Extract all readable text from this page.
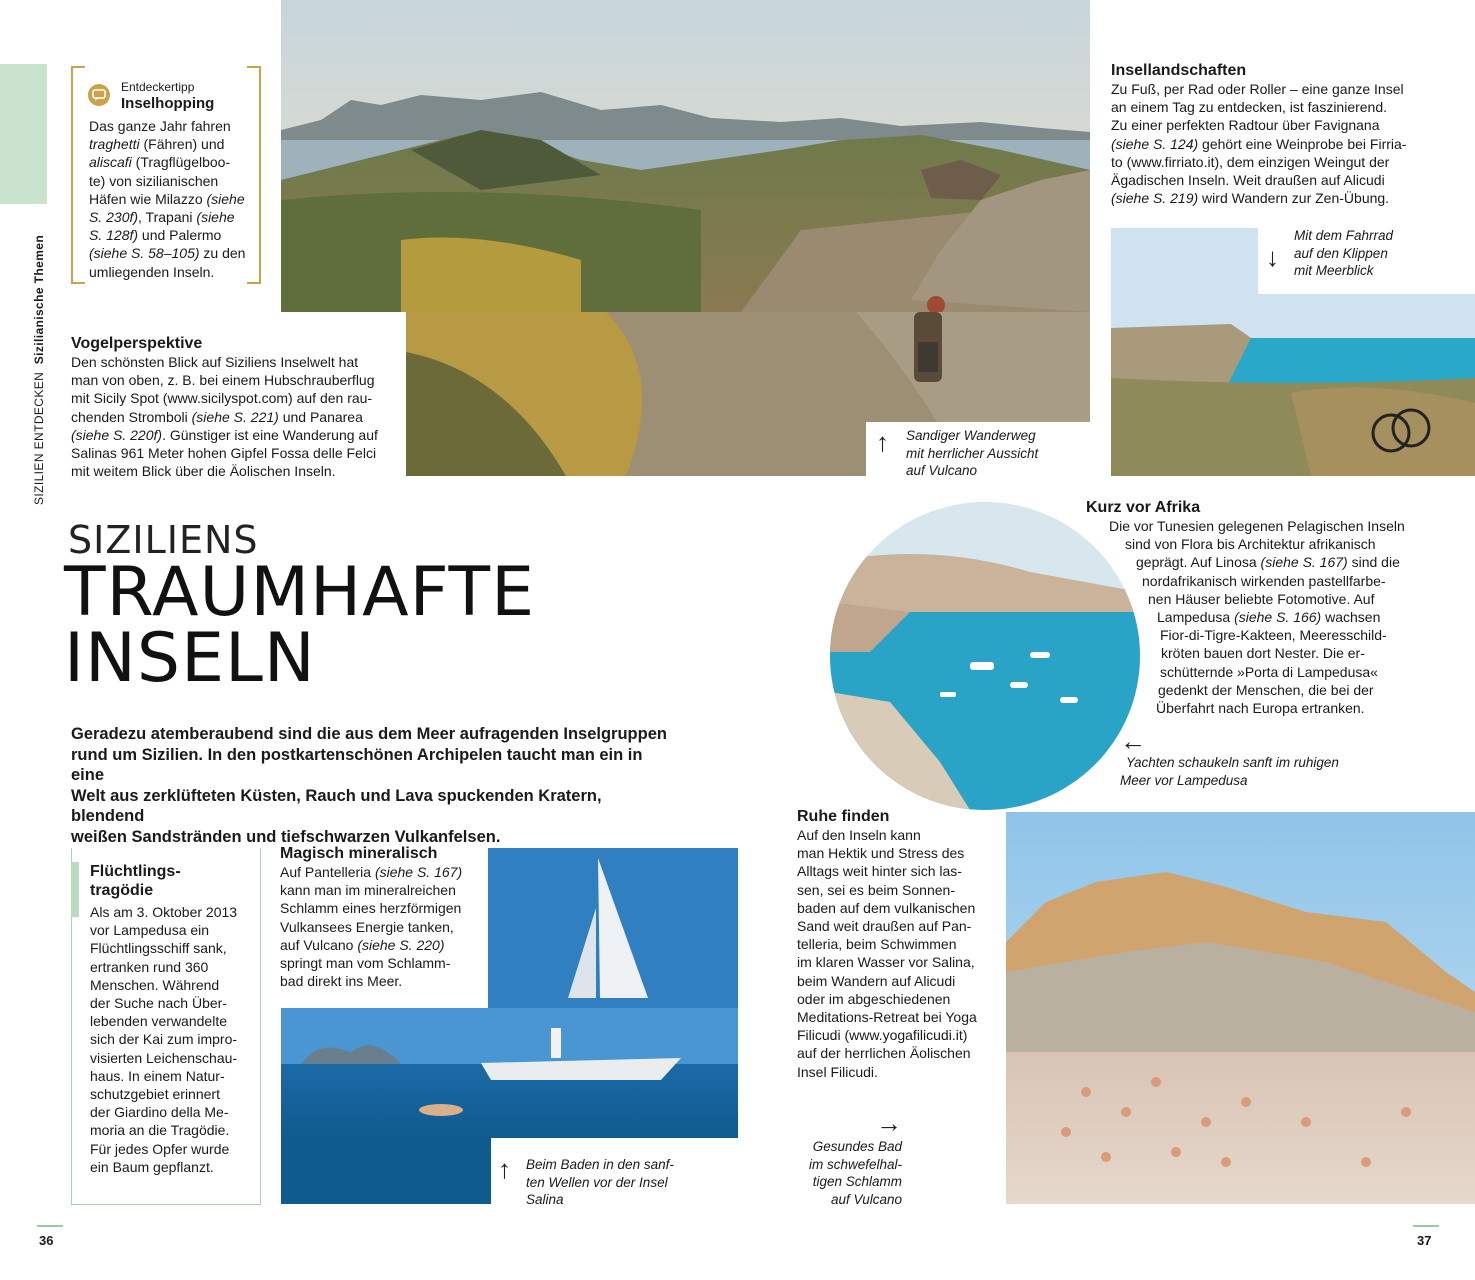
SIZILIEN ENTDECKEN  Sizilianische Themen
Entdeckertipp
Inselhopping
Das ganze Jahr fahren
traghetti (Fähren) und
aliscafi (Tragflügelboo-
te) von sizilianischen
Häfen wie Milazzo (siehe
S. 230f), Trapani (siehe
S. 128f) und Palermo
(siehe S. 58–105) zu den
umliegenden Inseln.
Vogelperspektive
Den schönsten Blick auf Siziliens Inselwelt hat
man von oben, z. B. bei einem Hubschrauberflug
mit Sicily Spot (www.sicilyspot.com) auf den rau-
chenden Stromboli (siehe S. 221) und Panarea
(siehe S. 220f). Günstiger ist eine Wanderung auf
Salinas 961 Meter hohen Gipfel Fossa delle Felci
mit weitem Blick über die Äolischen Inseln.
↑ Sandiger Wanderweg
mit herrlicher Aussicht
auf Vulcano
Insellandschaften
Zu Fuß, per Rad oder Roller – eine ganze Insel
an einem Tag zu entdecken, ist faszinierend.
Zu einer perfekten Radtour über Favignana
(siehe S. 124) gehört eine Weinprobe bei Firria-
to (www.firriato.it), dem einzigen Weingut der
Ägadischen Inseln. Weit draußen auf Alicudi
(siehe S. 219) wird Wandern zur Zen-Übung.
↓
Mit dem Fahrrad
auf den Klippen
mit Meerblick
SIZILIENS
TRAUMHAFTE
INSELN
Geradezu atemberaubend sind die aus dem Meer aufragenden Inselgruppen
rund um Sizilien. In den postkartenschönen Archipelen taucht man ein in eine
Welt aus zerklüfteten Küsten, Rauch und Lava spuckenden Kratern, blendend
weißen Sandstränden und tiefschwarzen Vulkanfelsen.
Kurz vor Afrika
Die vor Tunesien gelegenen Pelagischen Inseln
sind von Flora bis Architektur afrikanisch
geprägt. Auf Linosa (siehe S. 167) sind die
nordafrikanisch wirkenden pastellfarbe-
nen Häuser beliebte Fotomotive. Auf
Lampedusa (siehe S. 166) wachsen
Fior-di-Tigre-Kakteen, Meeresschild-
kröten bauen dort Nester. Die er-
schütternde »Porta di Lampedusa«
gedenkt der Menschen, die bei der
Überfahrt nach Europa ertranken.
←
Yachten schaukeln sanft im ruhigen
Meer vor Lampedusa
Flüchtlings-
tragödie
Als am 3. Oktober 2013
vor Lampedusa ein
Flüchtlingsschiff sank,
ertranken rund 360
Menschen. Während
der Suche nach Über-
lebenden verwandelte
sich der Kai zum impro-
visierten Leichenschau-
haus. In einem Natur-
schutzgebiet erinnert
der Giardino della Me-
moria an die Tragödie.
Für jedes Opfer wurde
ein Baum gepflanzt.
Magisch mineralisch
Auf Pantelleria (siehe S. 167)
kann man im mineralreichen
Schlamm eines herzförmigen
Vulkansees Energie tanken,
auf Vulcano (siehe S. 220)
springt man vom Schlamm-
bad direkt ins Meer.
↑ Beim Baden in den sanf-
ten Wellen vor der Insel
Salina
Ruhe finden
Auf den Inseln kann
man Hektik und Stress des
Alltags weit hinter sich las-
sen, sei es beim Sonnen-
baden auf dem vulkanischen
Sand weit draußen auf Pan-
telleria, beim Schwimmen
im klaren Wasser vor Salina,
beim Wandern auf Alicudi
oder im abgeschiedenen
Meditations-Retreat bei Yoga
Filicudi (www.yogafilicudi.it)
auf der herrlichen Äolischen
Insel Filicudi.
→
Gesundes Bad
im schwefelhal-
tigen Schlamm
auf Vulcano
36	37
